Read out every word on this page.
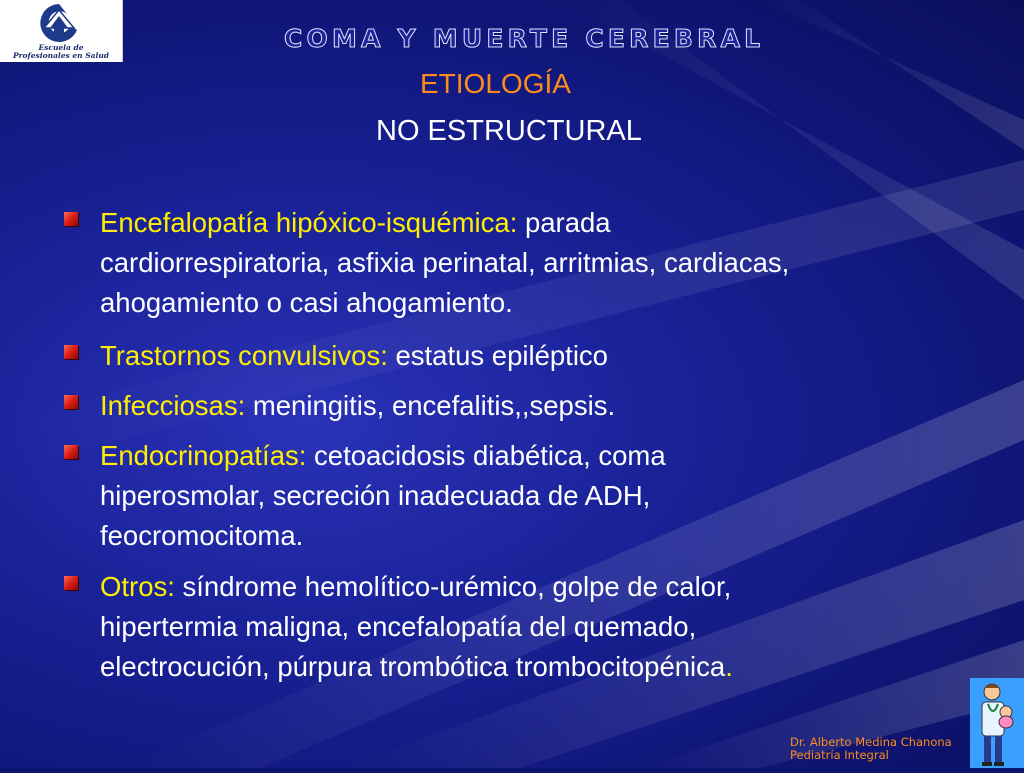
Escuela de
Profesionales en Salud
COMA Y MUERTE CEREBRAL
ETIOLOGÍA
NO ESTRUCTURAL
Encefalopatía hipóxico-isquémica: parada
cardiorrespiratoria, asfixia perinatal, arritmias, cardiacas,
ahogamiento o casi ahogamiento.
Trastornos convulsivos: estatus epiléptico
Infecciosas: meningitis, encefalitis,,sepsis.
Endocrinopatías: cetoacidosis diabética, coma
hiperosmolar, secreción inadecuada de ADH,
feocromocitoma.
Otros: síndrome hemolítico-urémico, golpe de calor,
hipertermia maligna, encefalopatía del quemado,
electrocución, púrpura trombótica trombocitopénica.
Dr. Alberto Medina Chanona
Pediatría Integral
